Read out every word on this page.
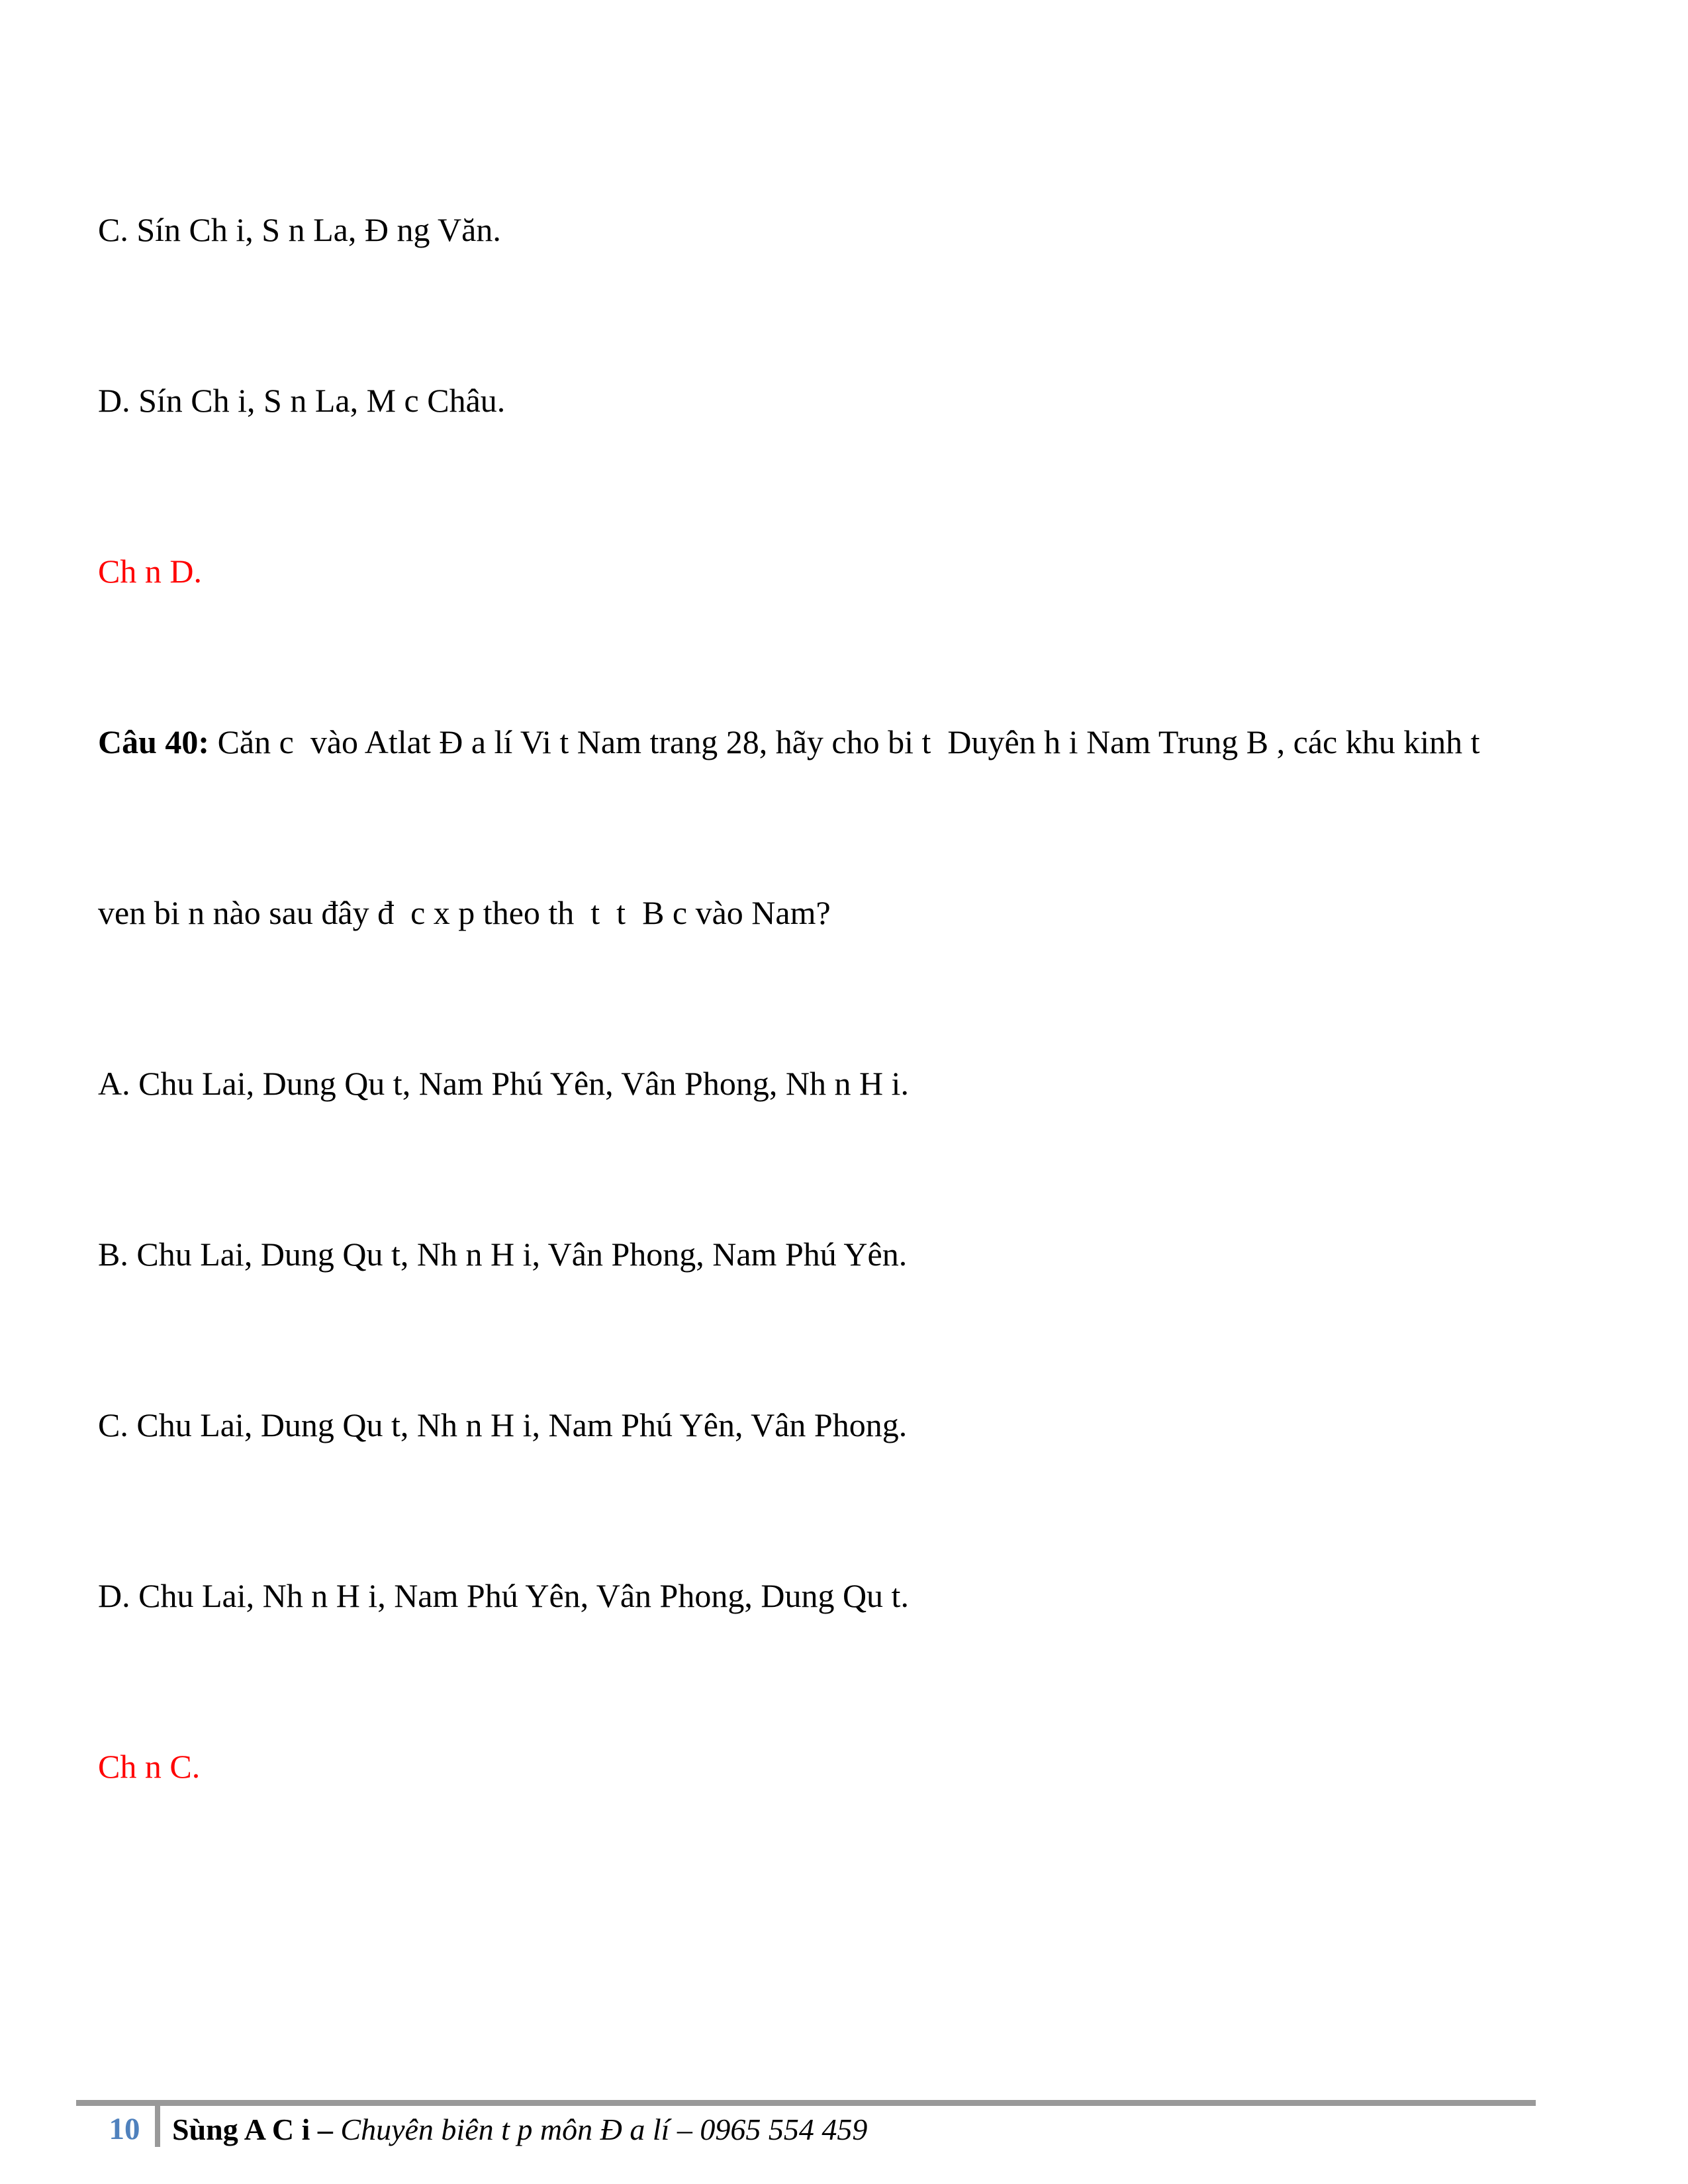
C. Sín Ch i, S n La, Đ ng Văn.

D. Sín Ch i, S n La, M c Châu.

Ch n D.

Câu 40: Căn c  vào Atlat Đ a lí Vi t Nam trang 28, hãy cho bi t  Duyên h i Nam Trung B , các khu kinh t

ven bi n nào sau đây đ  c x p theo th  t  t  B c vào Nam?

A. Chu Lai, Dung Qu t, Nam Phú Yên, Vân Phong, Nh n H i.

B. Chu Lai, Dung Qu t, Nh n H i, Vân Phong, Nam Phú Yên.

C. Chu Lai, Dung Qu t, Nh n H i, Nam Phú Yên, Vân Phong.

D. Chu Lai, Nh n H i, Nam Phú Yên, Vân Phong, Dung Qu t.

Ch n C.

10 Sùng A C i – Chuyên biên t p môn Đ a lí – 0965 554 459
